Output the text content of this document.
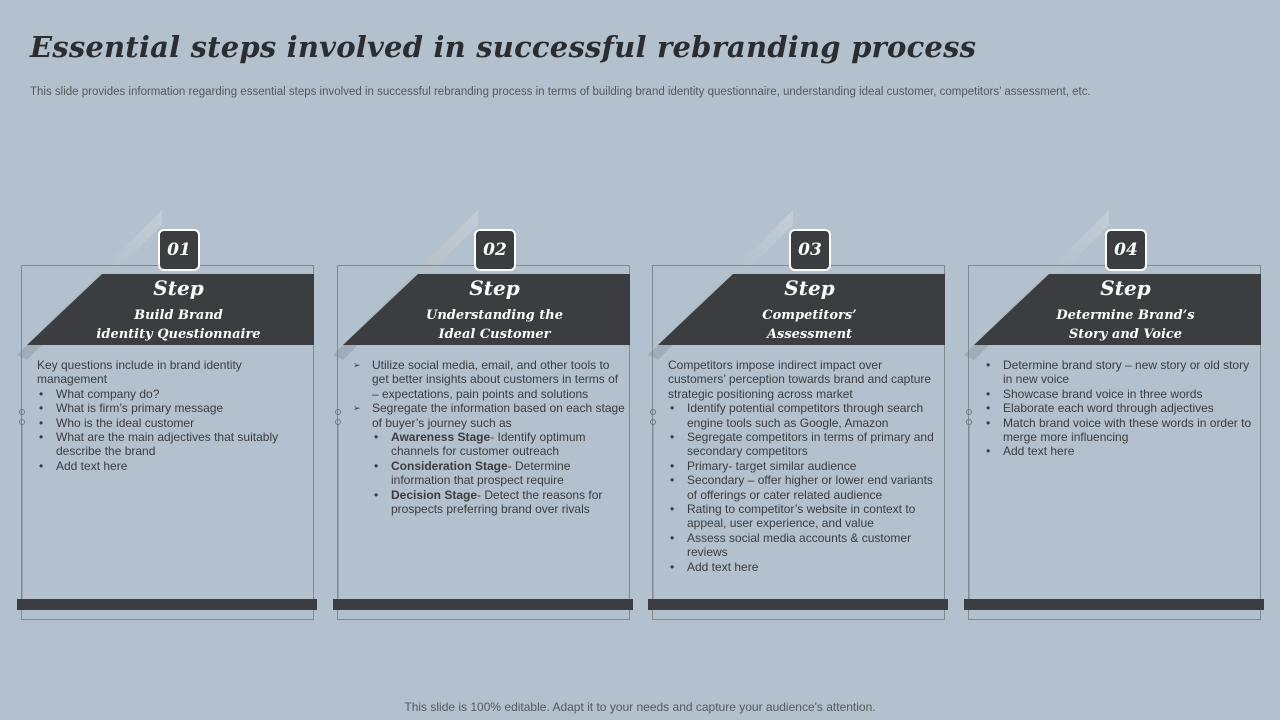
Essential steps involved in successful rebranding process
This slide provides information regarding essential steps involved in successful rebranding process in terms of building brand identity questionnaire, understanding ideal customer, competitors’ assessment, etc.
01
Step
Build Brand
identity Questionnaire
Key questions include in brand identity management
• What company do?
• What is firm’s primary message
• Who is the ideal customer
• What are the main adjectives that suitably describe the brand
• Add text here
02
Step
Understanding the
Ideal Customer
➢ Utilize social media, email, and other tools to get better insights about customers in terms of – expectations, pain points and solutions
➢ Segregate the information based on each stage of buyer’s journey such as
• Awareness Stage- Identify optimum channels for customer outreach
• Consideration Stage- Determine information that prospect require
• Decision Stage- Detect the reasons for prospects preferring brand over rivals
03
Step
Competitors’
Assessment
Competitors impose indirect impact over customers’ perception towards brand and capture strategic positioning across market
• Identify potential competitors through search engine tools such as Google, Amazon
• Segregate competitors in terms of primary and secondary competitors
• Primary- target similar audience
• Secondary – offer higher or lower end variants of offerings or cater related audience
• Rating to competitor’s website in context to appeal, user experience, and value
• Assess social media accounts & customer reviews
• Add text here
04
Step
Determine Brand’s
Story and Voice
• Determine brand story – new story or old story in new voice
• Showcase brand voice in three words
• Elaborate each word through adjectives
• Match brand voice with these words in order to merge more influencing
• Add text here
This slide is 100% editable. Adapt it to your needs and capture your audience's attention.
